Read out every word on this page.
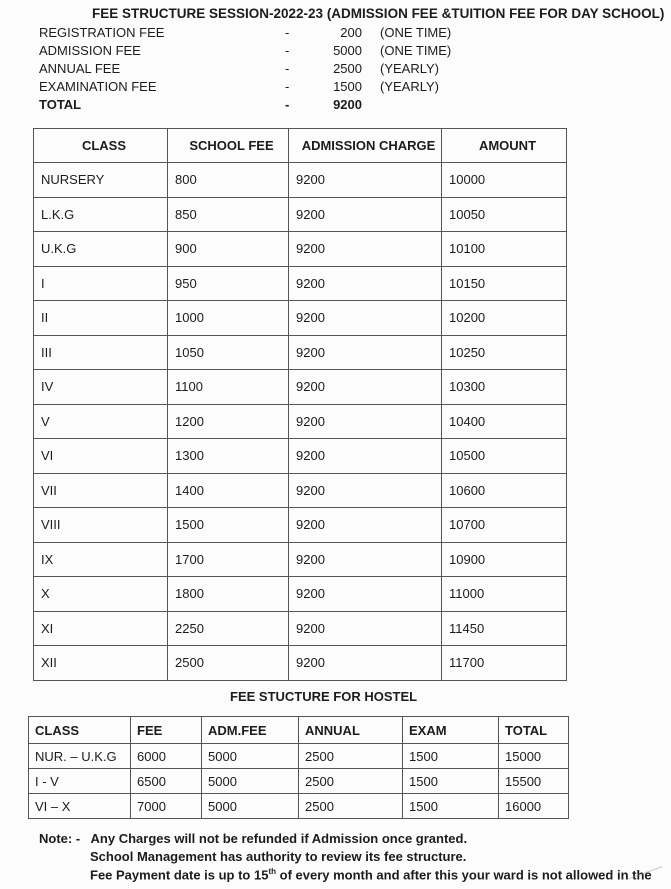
FEE STRUCTURE SESSION-2022-23 (ADMISSION FEE &TUITION FEE FOR DAY SCHOOL)
REGISTRATION FEE	-	200 (ONE TIME)
ADMISSION FEE	-	5000 (ONE TIME)
ANNUAL FEE	-	2500 (YEARLY)
EXAMINATION FEE	-	1500 (YEARLY)
TOTAL	-	9200
CLASS	SCHOOL FEE	ADMISSION CHARGE	AMOUNT
NURSERY	800	9200	10000
L.K.G	850	9200	10050
U.K.G	900	9200	10100
I	950	9200	10150
II	1000	9200	10200
III	1050	9200	10250
IV	1100	9200	10300
V	1200	9200	10400
VI	1300	9200	10500
VII	1400	9200	10600
VIII	1500	9200	10700
IX	1700	9200	10900
X	1800	9200	11000
XI	2250	9200	11450
XII	2500	9200	11700
FEE STUCTURE FOR HOSTEL
CLASS	FEE	ADM.FEE	ANNUAL	EXAM	TOTAL
NUR. – U.K.G	6000	5000	2500	1500	15000
I - V	6500	5000	2500	1500	15500
VI – X	7000	5000	2500	1500	16000
Note: - Any Charges will not be refunded if Admission once granted.
School Management has authority to review its fee structure.
Fee Payment date is up to 15th of every month and after this your ward is not allowed in the
